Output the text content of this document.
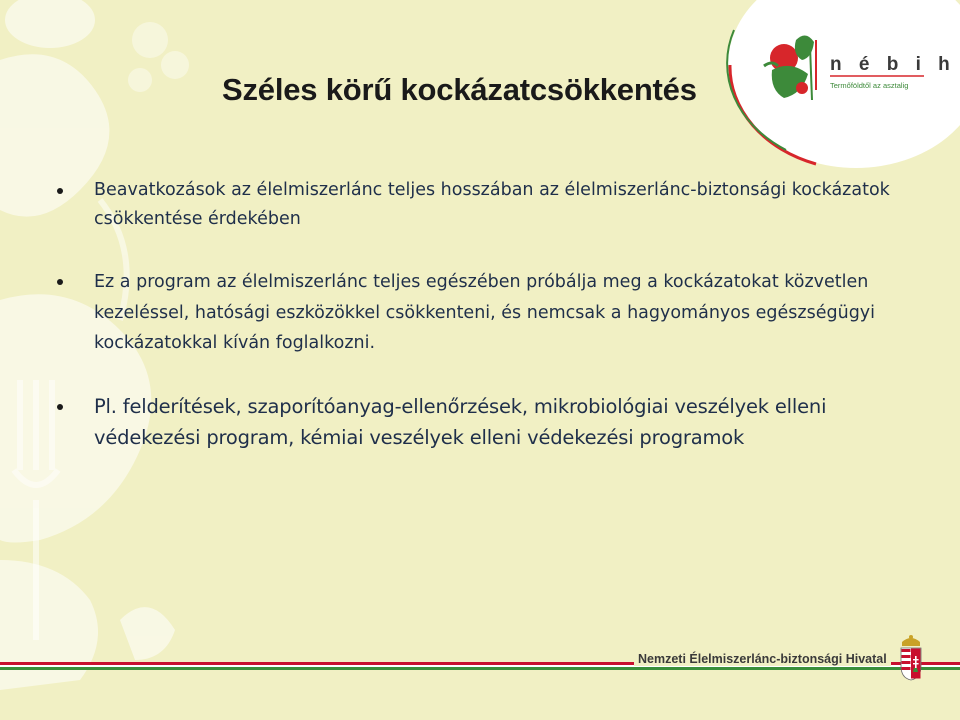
n é b i h
Termőföldtől az asztalig
Széles körű kockázatcsökkentés
Beavatkozások az élelmiszerlánc teljes hosszában az élelmiszerlánc-biztonsági kockázatok csökkentése érdekében
Ez a program az élelmiszerlánc teljes egészében próbálja meg a kockázatokat közvetlen kezeléssel, hatósági eszközökkel csökkenteni, és nemcsak a hagyományos egészségügyi kockázatokkal kíván foglalkozni.
Pl. felderítések, szaporítóanyag-ellenőrzések, mikrobiológiai veszélyek elleni védekezési program, kémiai veszélyek elleni védekezési programok
Nemzeti Élelmiszerlánc-biztonsági Hivatal
